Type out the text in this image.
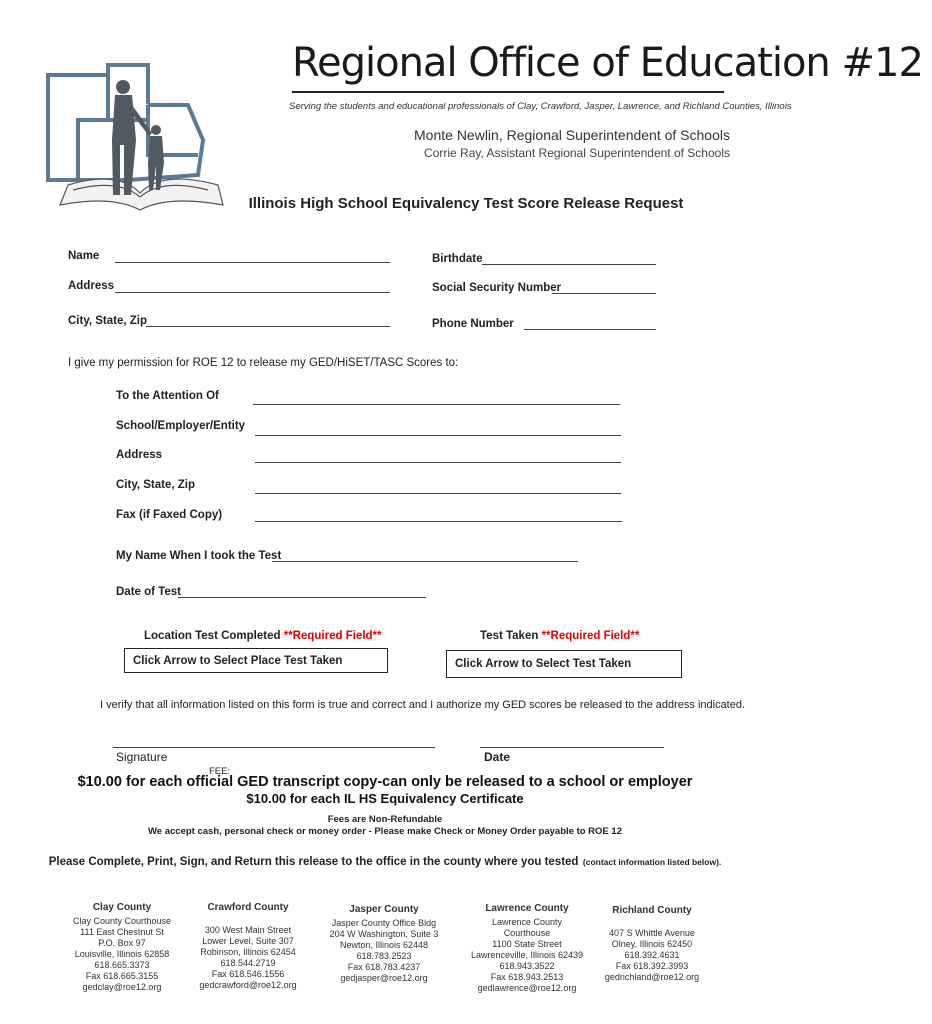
Regional Office of Education #12
Serving the students and educational professionals of Clay, Crawford, Jasper, Lawrence, and Richland Counties, Illinois
Monte Newlin, Regional Superintendent of Schools
Corrie Ray, Assistant Regional Superintendent of Schools
Illinois High School Equivalency Test Score Release Request
Name
Address
City, State, Zip
Birthdate
Social Security Number
Phone Number
I give my permission for ROE 12 to release my GED/HiSET/TASC Scores to:
To the Attention Of
School/Employer/Entity
Address
City, State, Zip
Fax (if Faxed Copy)
My Name When I took the Test
Date of Test
Location Test Completed **Required Field**
Click Arrow to Select Place Test Taken
Test Taken **Required Field**
Click Arrow to Select Test Taken
I verify that all information listed on this form is true and correct and I authorize my GED scores be released to the address indicated.
Signature	Date
FEE:
$10.00 for each official GED transcript copy-can only be released to a school or employer
$10.00 for each IL HS Equivalency Certificate
Fees are Non-Refundable
We accept cash, personal check or money order - Please make Check or Money Order payable to ROE 12
Please Complete, Print, Sign, and Return this release to the office in the county where you tested (contact information listed below).
Clay County
Clay County Courthouse
111 East Chestnut St
P.O. Box 97
Louisville, Illinois 62858
618.665.3373
Fax 618.665.3155
gedclay@roe12.org
Crawford County
300 West Main Street
Lower Level, Suite 307
Robinson, Illinois 62454
618.544.2719
Fax 618.546.1556
gedcrawford@roe12.org
Jasper County
Jasper County Office Bldg
204 W Washington, Suite 3
Newton, Illinois 62448
618.783.2523
Fax 618.783.4237
gedjasper@roe12.org
Lawrence County
Lawrence County
Courthouse
1100 State Street
Lawrenceville, Illinois 62439
618.943.3522
Fax 618.943.2513
gedlawrence@roe12.org
Richland County
407 S Whittle Avenue
Olney, Illinois 62450
618.392.4631
Fax 618.392.3993
gedrichland@roe12.org
